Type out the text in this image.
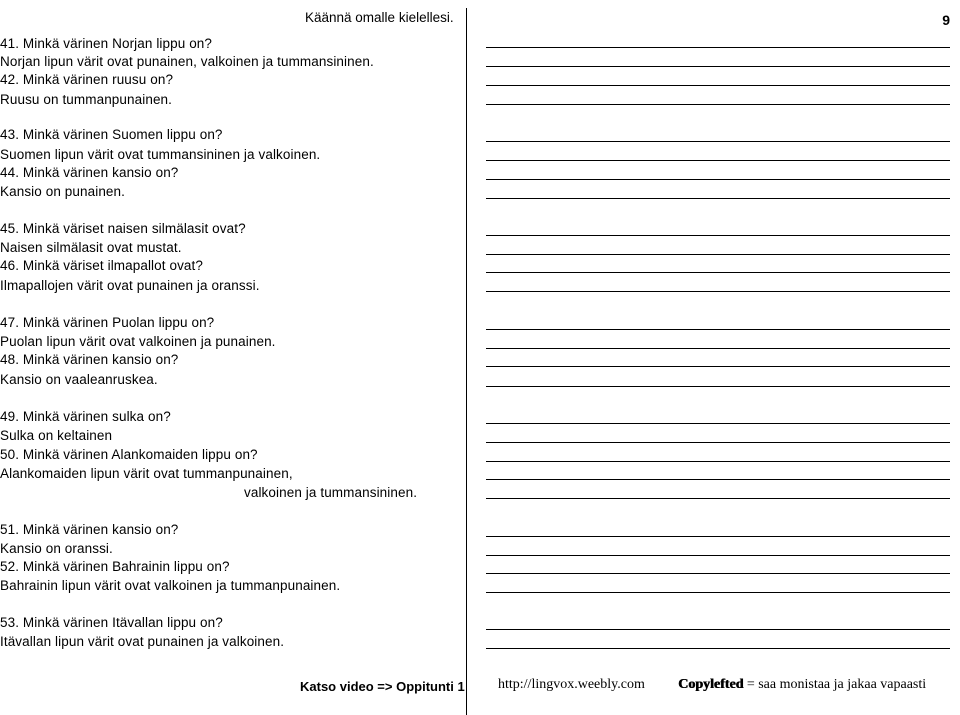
Käännä omalle kielellesi.	9
41. Minkä värinen Norjan lippu on?
Norjan lipun värit ovat punainen, valkoinen ja tummansininen.
42. Minkä värinen ruusu on?
Ruusu on tummanpunainen.
43. Minkä värinen Suomen lippu on?
Suomen lipun värit ovat tummansininen ja valkoinen.
44. Minkä värinen kansio on?
Kansio on punainen.
45. Minkä väriset naisen silmälasit ovat?
Naisen silmälasit ovat mustat.
46. Minkä väriset ilmapallot ovat?
Ilmapallojen värit ovat punainen ja oranssi.
47. Minkä värinen Puolan lippu on?
Puolan lipun värit ovat valkoinen ja punainen.
48. Minkä värinen kansio on?
Kansio on vaaleanruskea.
49. Minkä värinen sulka on?
Sulka on keltainen
50. Minkä värinen Alankomaiden lippu on?
Alankomaiden lipun värit ovat tummanpunainen,
valkoinen ja tummansininen.
51. Minkä värinen kansio on?
Kansio on oranssi.
52. Minkä värinen Bahrainin lippu on?
Bahrainin lipun värit ovat valkoinen ja tummanpunainen.
53. Minkä värinen Itävallan lippu on?
Itävallan lipun värit ovat punainen ja valkoinen.
Katso video => Oppitunti 1 http://lingvox.weebly.com Copylefted = saa monistaa ja jakaa vapaasti
